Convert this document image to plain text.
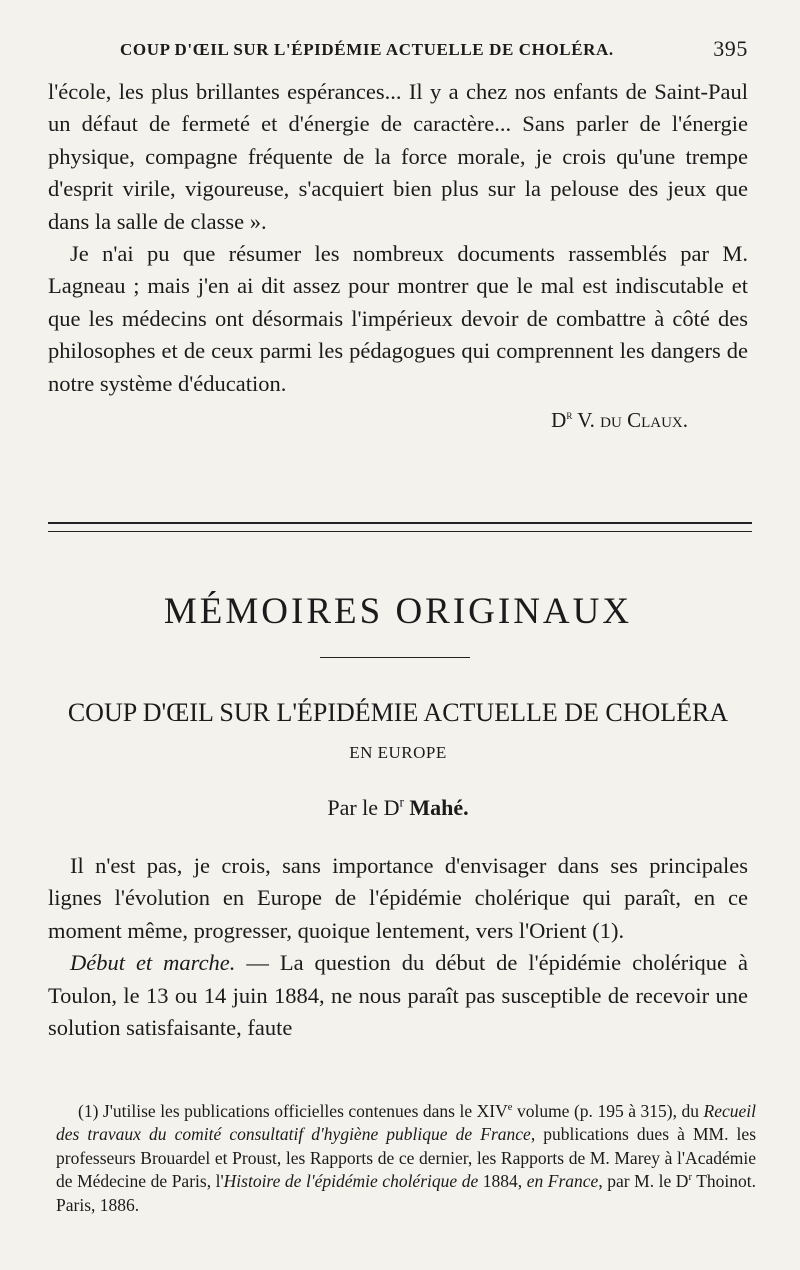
COUP D'ŒIL SUR L'ÉPIDÉMIE ACTUELLE DE CHOLÉRA.	395

l'école, les plus brillantes espérances... Il y a chez nos enfants de Saint-Paul un défaut de fermeté et d'énergie de caractère... Sans parler de l'énergie physique, compagne fréquente de la force morale, je crois qu'une trempe d'esprit virile, vigoureuse, s'acquiert bien plus sur la pelouse des jeux que dans la salle de classe ».

Je n'ai pu que résumer les nombreux documents rassemblés par M. Lagneau ; mais j'en ai dit assez pour montrer que le mal est indiscutable et que les médecins ont désormais l'impérieux devoir de combattre à côté des philosophes et de ceux parmi les pédagogues qui comprennent les dangers de notre système d'éducation.

$D^r$ V. du Claux.

MÉMOIRES ORIGINAUX
COUP D'ŒIL SUR L'ÉPIDÉMIE ACTUELLE DE CHOLÉRA
EN EUROPE
Par le $D^r$ Mahé.

Il n'est pas, je crois, sans importance d'envisager dans ses principales lignes l'évolution en Europe de l'épidémie cholérique qui paraît, en ce moment même, progresser, quoique lentement, vers l'Orient (1).

Début et marche. — La question du début de l'épidémie cholérique à Toulon, le 13 ou 14 juin 1884, ne nous paraît pas susceptible de recevoir une solution satisfaisante, faute

(1) J'utilise les publications officielles contenues dans le XIVe volume (p. 195 à 315), du Recueil des travaux du comité consultatif d'hygiène publique de France, publications dues à MM. les professeurs Brouardel et Proust, les Rapports de ce dernier, les Rapports de M. Marey à l'Académie de Médecine de Paris, l'Histoire de l'épidémie cholérique de 1884, en France, par M. le $D^r$ Thoinot. Paris, 1886.
